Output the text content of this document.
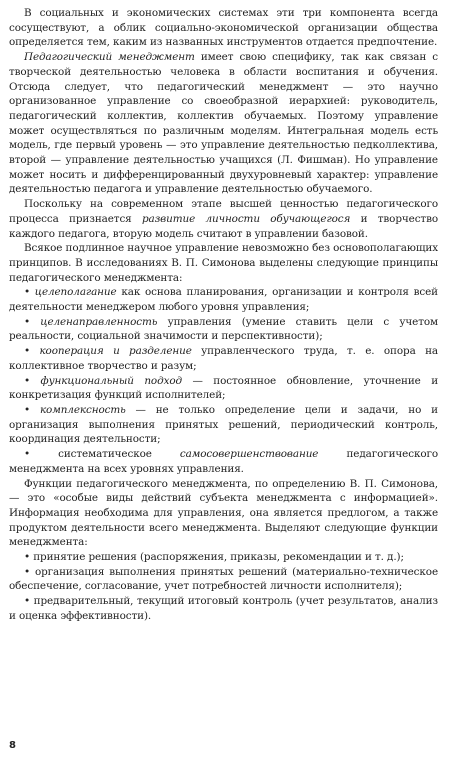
В социальных и экономических системах эти три компонента всегда сосуществуют, а облик социально-экономической организации общества определяется тем, каким из названных инструментов отдается предпочтение.

Педагогический менеджмент имеет свою специфику, так как связан с творческой деятельностью человека в области воспитания и обучения. Отсюда следует, что педагогический менеджмент — это научно организованное управление со своеобразной иерархией: руководитель, педагогический коллектив, коллектив обучаемых. Поэтому управление может осуществляться по различным моделям. Интегральная модель есть модель, где первый уровень — это управление деятельностью педколлектива, второй — управление деятельностью учащихся (Л. Фишман). Но управление может носить и дифференцированный двухуровневый характер: управление деятельностью педагога и управление деятельностью обучаемого.

Поскольку на современном этапе высшей ценностью педагогического процесса признается развитие личности обучающегося и творчество каждого педагога, вторую модель считают в управлении базовой.

Всякое подлинное научное управление невозможно без основополагающих принципов. В исследованиях В. П. Симонова выделены следующие принципы педагогического менеджмента:

• целеполагание как основа планирования, организации и контроля всей деятельности менеджером любого уровня управления;

• целенаправленность управления (умение ставить цели с учетом реальности, социальной значимости и перспективности);

• кооперация и разделение управленческого труда, т. е. опора на коллективное творчество и разум;

• функциональный подход — постоянное обновление, уточнение и конкретизация функций исполнителей;

• комплексность — не только определение цели и задачи, но и организация выполнения принятых решений, периодический контроль, координация деятельности;

• систематическое самосовершенствование педагогического менеджмента на всех уровнях управления.

Функции педагогического менеджмента, по определению В. П. Симонова, — это «особые виды действий субъекта менеджмента с информацией». Информация необходима для управления, она является предлогом, а также продуктом деятельности всего менеджмента. Выделяют следующие функции менеджмента:

• принятие решения (распоряжения, приказы, рекомендации и т. д.);

• организация выполнения принятых решений (материально-техническое обеспечение, согласование, учет потребностей личности исполнителя);

• предварительный, текущий итоговый контроль (учет результатов, анализ и оценка эффективности).

8
